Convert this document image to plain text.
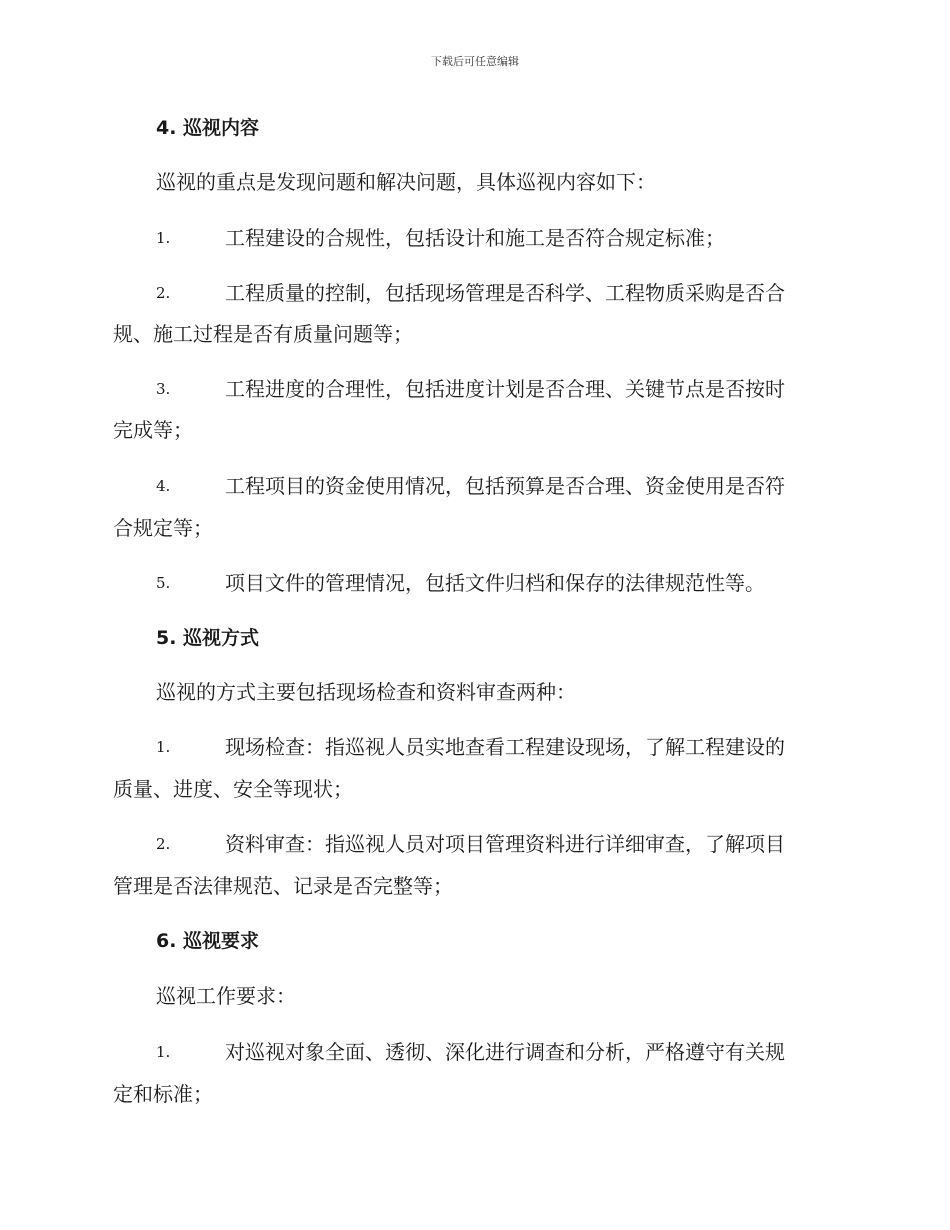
下载后可任意编辑
4. 巡视内容
巡视的重点是发现问题和解决问题，具体巡视内容如下：
1.	工程建设的合规性，包括设计和施工是否符合规定标准；
2.	工程质量的控制，包括现场管理是否科学、工程物质采购是否合
规、施工过程是否有质量问题等；
3.	工程进度的合理性，包括进度计划是否合理、关键节点是否按时
完成等；
4.	工程项目的资金使用情况，包括预算是否合理、资金使用是否符
合规定等；
5.	项目文件的管理情况，包括文件归档和保存的法律规范性等。
5. 巡视方式
巡视的方式主要包括现场检查和资料审查两种：
1.	现场检查：指巡视人员实地查看工程建设现场，了解工程建设的
质量、进度、安全等现状；
2.	资料审查：指巡视人员对项目管理资料进行详细审查，了解项目
管理是否法律规范、记录是否完整等；
6. 巡视要求
巡视工作要求：
1.	对巡视对象全面、透彻、深化进行调查和分析，严格遵守有关规
定和标准；
